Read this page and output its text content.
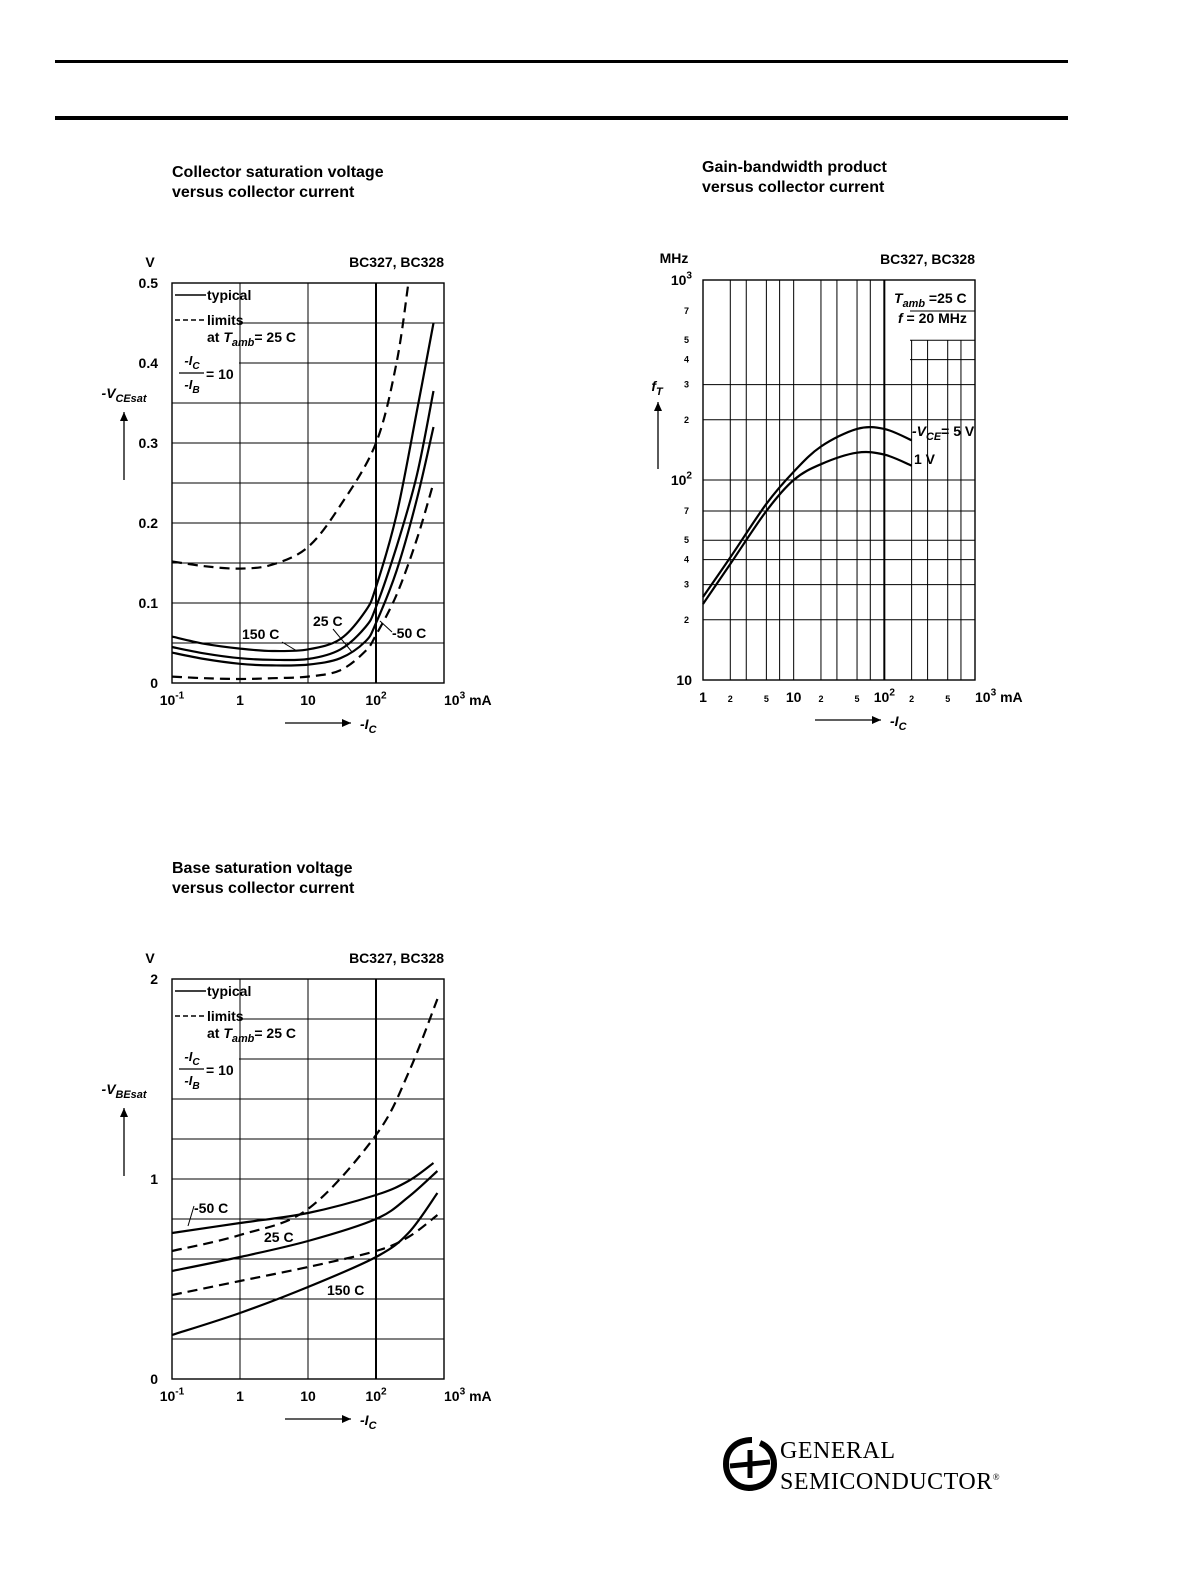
Collector saturation voltage
versus collector current
Gain-bandwidth product
versus collector current
Base saturation voltage
versus collector current
0
0.1
0.2
0.3
0.4
0.5
$10^{-1}$	1	10	$10^2$	$10^3$ mA
V	BC327, BC328
$-V_{CEsat}$
$-I_C$
typical
limits
at $T_{amb}= 25$ C
$-I_C$
$-I_B$
= 10
150 C
25 C
-50 C
0
1
2
$10^{-1}$	1	10	$10^2$	$10^3$ mA
V	BC327, BC328
$-V_{BEsat}$
$-I_C$
typical
limits
at $T_{amb}= 25$ C
$-I_C$
$-I_B$
= 10
-50 C
25 C
150 C
10
$10^2$
$10^3$
2
3
4
5
7
2
3
4
5
7
1	10	$10^2$	$10^3$ mA
2	5	2	5	2	5
MHz	BC327, BC328
$f_T$
$-I_C$
$T_{amb} =25$ C
f = 20 MHz
$-V_{CE}= 5$ V
1 V
GENERAL
SEMICONDUCTOR®
